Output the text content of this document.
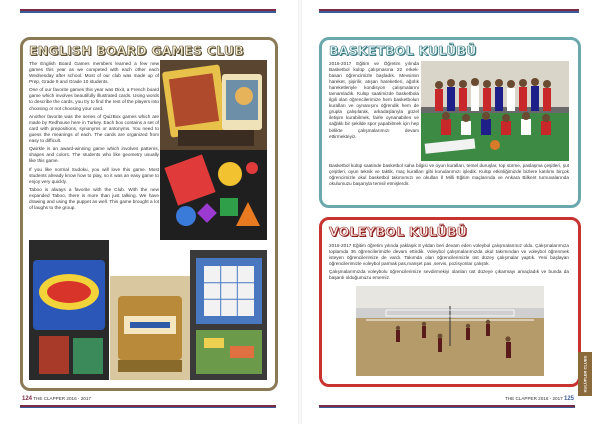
ENGLISH BOARD GAMES CLUB

The English Board Games members learned a few new games this year as we competed with each other each Wednesday after school. Most of our club was made up of Prep, Grade 9 and Grade 10 students.

One of our favorite games this year was Dixit, a French board game which involves beautifully illustrated cards. Using words to describe the cards, you try to find the rest of the players into choosing or not choosing your card.

Another favorite was the series of QuizBox games which are made by Redhouse here in Turkey. Each box contains a set of card with prepositions, synonyms or antonyms. You need to guess the meanings of each. The cards are organized from easy to difficult.

Qwirkle is an award-winning game which involves patterns, shapes and colors. The students who like geometry usually like this game.

If you like normal Sudoku, you will love this game. Most students already know how to play, so it was an easy game to enjoy very quickly.

Taboo is always a favorite with the Club. With the new expanded Taboo, there is more than just talking. We have drawing and using the puppet as well. This game brought a lot of laughs to the group.

BASKETBOL KULÜBÜ
2016-2017 Eğitim ve Öğretim yılında Basketbol kulüp çalışmasına 22 erkek-basan öğrencimizle başladık. Mevsimin hareket, şişirilir, atışan hareketleri, ağırlık hareketleriyle kondisyon çalışmalarını tamamladık. Kulüp saatimizde basketbola ilgili olan öğrencilerimize hem basketbolun kuralları ve oynanışını öğrendik hem de grupla çalışılarak, arkadaşlarıyla güzel iletişim kurabilmek, fairle oynanabilen ve sağlıklı bir şekilde spor yapabilmek için hep birlikte çalışmalarımızı devam ettirmekteyiz.
Basketbol kulüp saatinde basketbol saha bilgisi ve oyun kuralları, temel duruşlar, top sürme, paslaşma çeşitleri, şut çeşitleri, oyun teknik ve taktik, maç kuralları gibi konularımızı işledik. Kulüp etkinliğimizde bizlere katılımı birçok öğrencimizle okul basketbol takımımızı ve okulları İl Milli Eğitim maçlarında ve Ankara Bilkent turnuvalarında okulumuzu başarıyla temsil etmişlerdir.
VOLEYBOL KULÜBÜ

2016-2017 Eğitim öğretim yılında yaklaşık 8 yıldan beri devam eden voleybol çalışmalarımız oldu. Çalışmalarımıza toplamda 36 öğrencilerimizle devam ettirdik. Voleybol çalışmalarımızda okul takımından ve voleybol öğrenmek isteyen öğrencilerimize de vardı. Takımda olan öğrencilerimizle üst düzey çalışmalar yaptık. Yeni başlayan öğrencilerimizle voleybol parmak pas,manşet pas ,servis, pozisyonlar çalıştık.

Çalışmalarımızda voleybolu öğrencilerimize sevdirmekiyi olanları üst düzeye çıkarmayı amaçladık ve bunda da başarılı olduğumuzu ememiz.

124 THE CLAPPER 2016 - 2017	THE CLAPPER 2016 - 2017 125
KULÜPLER CLUBS
